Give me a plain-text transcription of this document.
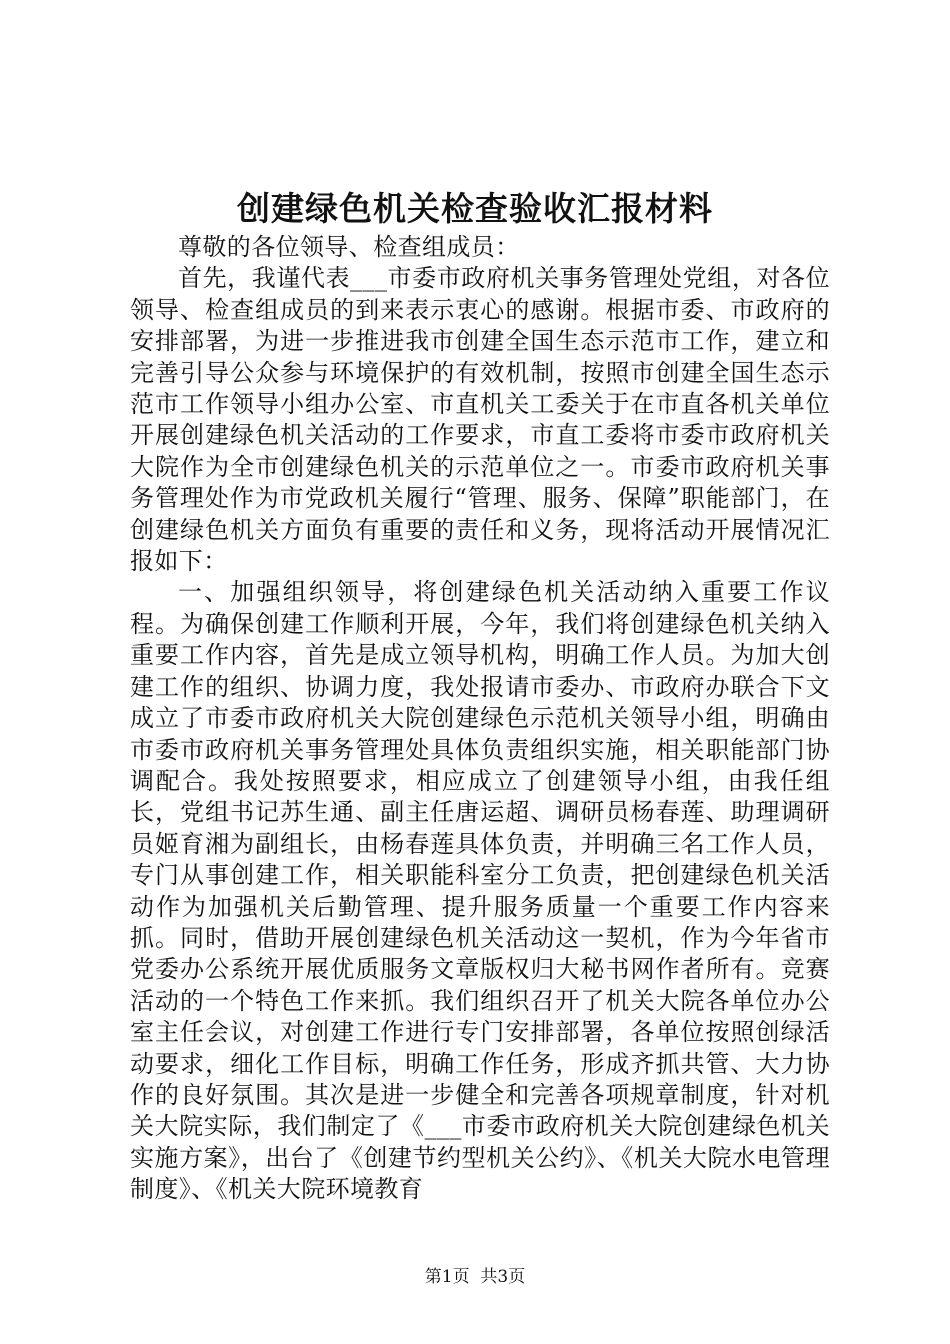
创建绿色机关检查验收汇报材料

尊敬的各位领导、检查组成员：

首先，我谨代表___市委市政府机关事务管理处党组，对各位领导、检查组成员的到来表示衷心的感谢。根据市委、市政府的安排部署，为进一步推进我市创建全国生态示范市工作，建立和完善引导公众参与环境保护的有效机制，按照市创建全国生态示范市工作领导小组办公室、市直机关工委关于在市直各机关单位开展创建绿色机关活动的工作要求，市直工委将市委市政府机关大院作为全市创建绿色机关的示范单位之一。市委市政府机关事务管理处作为市党政机关履行“管理、服务、保障”职能部门，在创建绿色机关方面负有重要的责任和义务，现将活动开展情况汇报如下：

一、加强组织领导，将创建绿色机关活动纳入重要工作议程。为确保创建工作顺利开展，今年，我们将创建绿色机关纳入重要工作内容，首先是成立领导机构，明确工作人员。为加大创建工作的组织、协调力度，我处报请市委办、市政府办联合下文成立了市委市政府机关大院创建绿色示范机关领导小组，明确由市委市政府机关事务管理处具体负责组织实施，相关职能部门协调配合。我处按照要求，相应成立了创建领导小组，由我任组长，党组书记苏生通、副主任唐运超、调研员杨春莲、助理调研员姬育湘为副组长，由杨春莲具体负责，并明确三名工作人员，专门从事创建工作，相关职能科室分工负责，把创建绿色机关活动作为加强机关后勤管理、提升服务质量一个重要工作内容来抓。同时，借助开展创建绿色机关活动这一契机，作为今年省市党委办公系统开展优质服务文章版权归大秘书网作者所有。竞赛活动的一个特色工作来抓。我们组织召开了机关大院各单位办公室主任会议，对创建工作进行专门安排部署，各单位按照创绿活动要求，细化工作目标，明确工作任务，形成齐抓共管、大力协作的良好氛围。其次是进一步健全和完善各项规章制度，针对机关大院实际，我们制定了《___市委市政府机关大院创建绿色机关实施方案》，出台了《创建节约型机关公约》、《机关大院水电管理制度》、《机关大院环境教育

第1页 共3页
